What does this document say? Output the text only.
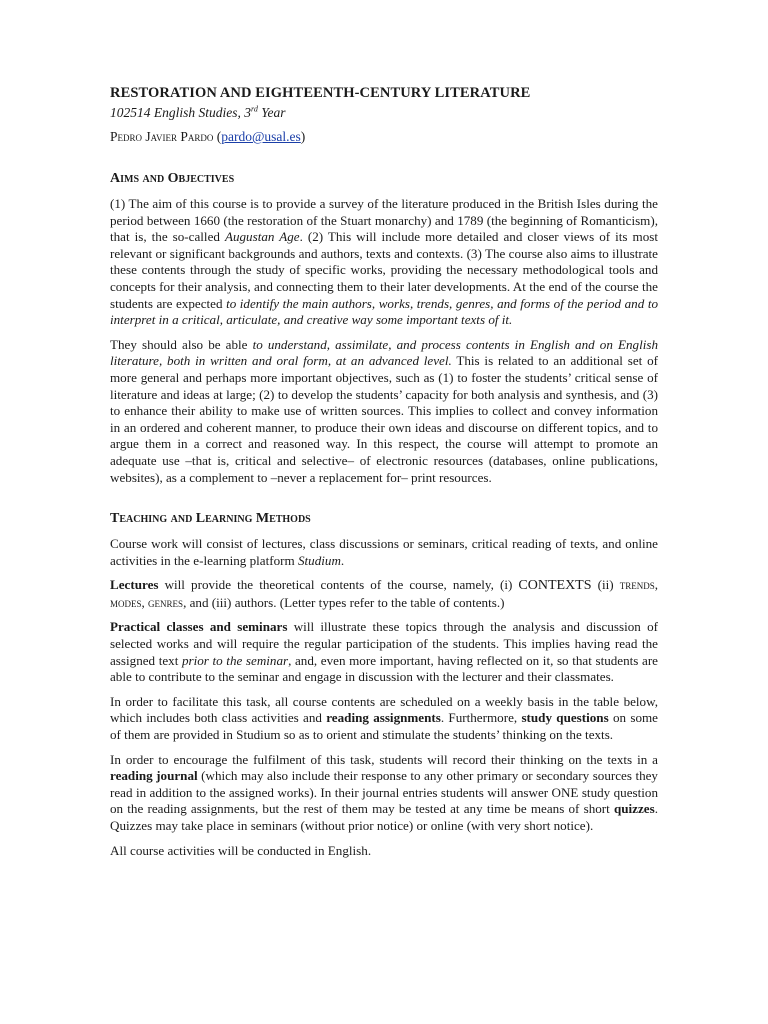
RESTORATION AND EIGHTEENTH-CENTURY LITERATURE
102514 English Studies, 3rd Year
Pedro Javier Pardo (pardo@usal.es)
Aims and Objectives

(1) The aim of this course is to provide a survey of the literature produced in the British Isles during the period between 1660 (the restoration of the Stuart monarchy) and 1789 (the beginning of Romanticism), that is, the so-called Augustan Age. (2) This will include more detailed and closer views of its most relevant or significant backgrounds and authors, texts and contexts. (3) The course also aims to illustrate these contents through the study of specific works, providing the necessary methodological tools and concepts for their analysis, and connecting them to their later developments. At the end of the course the students are expected to identify the main authors, works, trends, genres, and forms of the period and to interpret in a critical, articulate, and creative way some important texts of it.

They should also be able to understand, assimilate, and process contents in English and on English literature, both in written and oral form, at an advanced level. This is related to an additional set of more general and perhaps more important objectives, such as (1) to foster the students’ critical sense of literature and ideas at large; (2) to develop the students’ capacity for both analysis and synthesis, and (3) to enhance their ability to make use of written sources. This implies to collect and convey information in an ordered and coherent manner, to produce their own ideas and discourse on different topics, and to argue them in a correct and reasoned way. In this respect, the course will attempt to promote an adequate use –that is, critical and selective– of electronic resources (databases, online publications, websites), as a complement to –never a replacement for– print resources.

Teaching and Learning Methods

Course work will consist of lectures, class discussions or seminars, critical reading of texts, and online activities in the e-learning platform Studium.

Lectures will provide the theoretical contents of the course, namely, (i) CONTEXTS (ii) trends, modes, genres, and (iii) authors. (Letter types refer to the table of contents.)

Practical classes and seminars will illustrate these topics through the analysis and discussion of selected works and will require the regular participation of the students. This implies having read the assigned text prior to the seminar, and, even more important, having reflected on it, so that students are able to contribute to the seminar and engage in discussion with the lecturer and their classmates.

In order to facilitate this task, all course contents are scheduled on a weekly basis in the table below, which includes both class activities and reading assignments. Furthermore, study questions on some of them are provided in Studium so as to orient and stimulate the students’ thinking on the texts.

In order to encourage the fulfilment of this task, students will record their thinking on the texts in a reading journal (which may also include their response to any other primary or secondary sources they read in addition to the assigned works). In their journal entries students will answer ONE study question on the reading assignments, but the rest of them may be tested at any time be means of short quizzes. Quizzes may take place in seminars (without prior notice) or online (with very short notice).

All course activities will be conducted in English.
